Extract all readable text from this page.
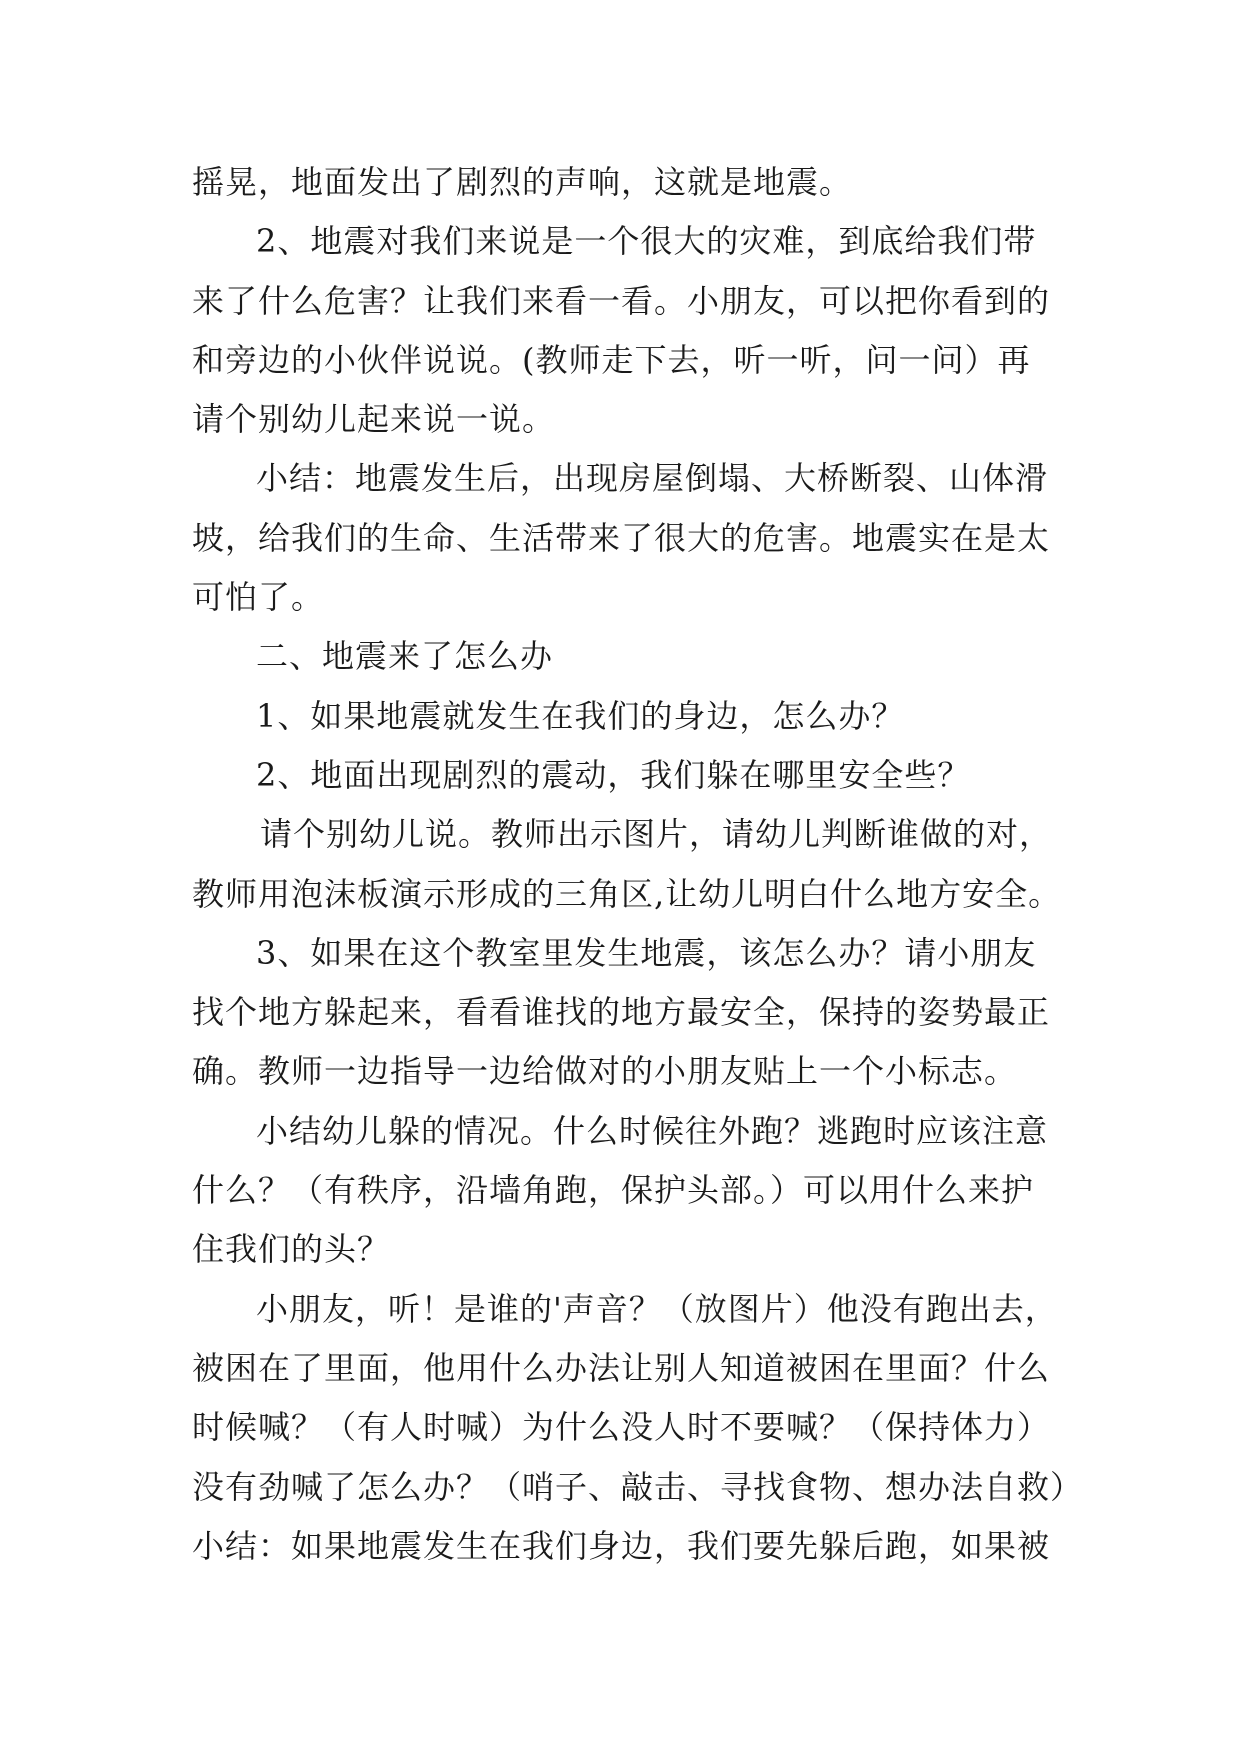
摇晃，地面发出了剧烈的声响，这就是地震。
2、地震对我们来说是一个很大的灾难，到底给我们带
来了什么危害？让我们来看一看。小朋友，可以把你看到的
和旁边的小伙伴说说。(教师走下去，听一听，问一问）再
请个别幼儿起来说一说。
小结：地震发生后，出现房屋倒塌、大桥断裂、山体滑
坡，给我们的生命、生活带来了很大的危害。地震实在是太
可怕了。
二、地震来了怎么办
1、如果地震就发生在我们的身边，怎么办？
2、地面出现剧烈的震动，我们躲在哪里安全些？
请个别幼儿说。教师出示图片，请幼儿判断谁做的对，
教师用泡沫板演示形成的三角区,让幼儿明白什么地方安全。
3、如果在这个教室里发生地震，该怎么办？请小朋友
找个地方躲起来，看看谁找的地方最安全，保持的姿势最正
确。教师一边指导一边给做对的小朋友贴上一个小标志。
小结幼儿躲的情况。什么时候往外跑？逃跑时应该注意
什么？（有秩序，沿墙角跑，保护头部。）可以用什么来护
住我们的头？
小朋友，听！是谁的'声音？（放图片）他没有跑出去，
被困在了里面，他用什么办法让别人知道被困在里面？什么
时候喊？（有人时喊）为什么没人时不要喊？（保持体力）
没有劲喊了怎么办？（哨子、敲击、寻找食物、想办法自救）
小结：如果地震发生在我们身边，我们要先躲后跑，如果被
